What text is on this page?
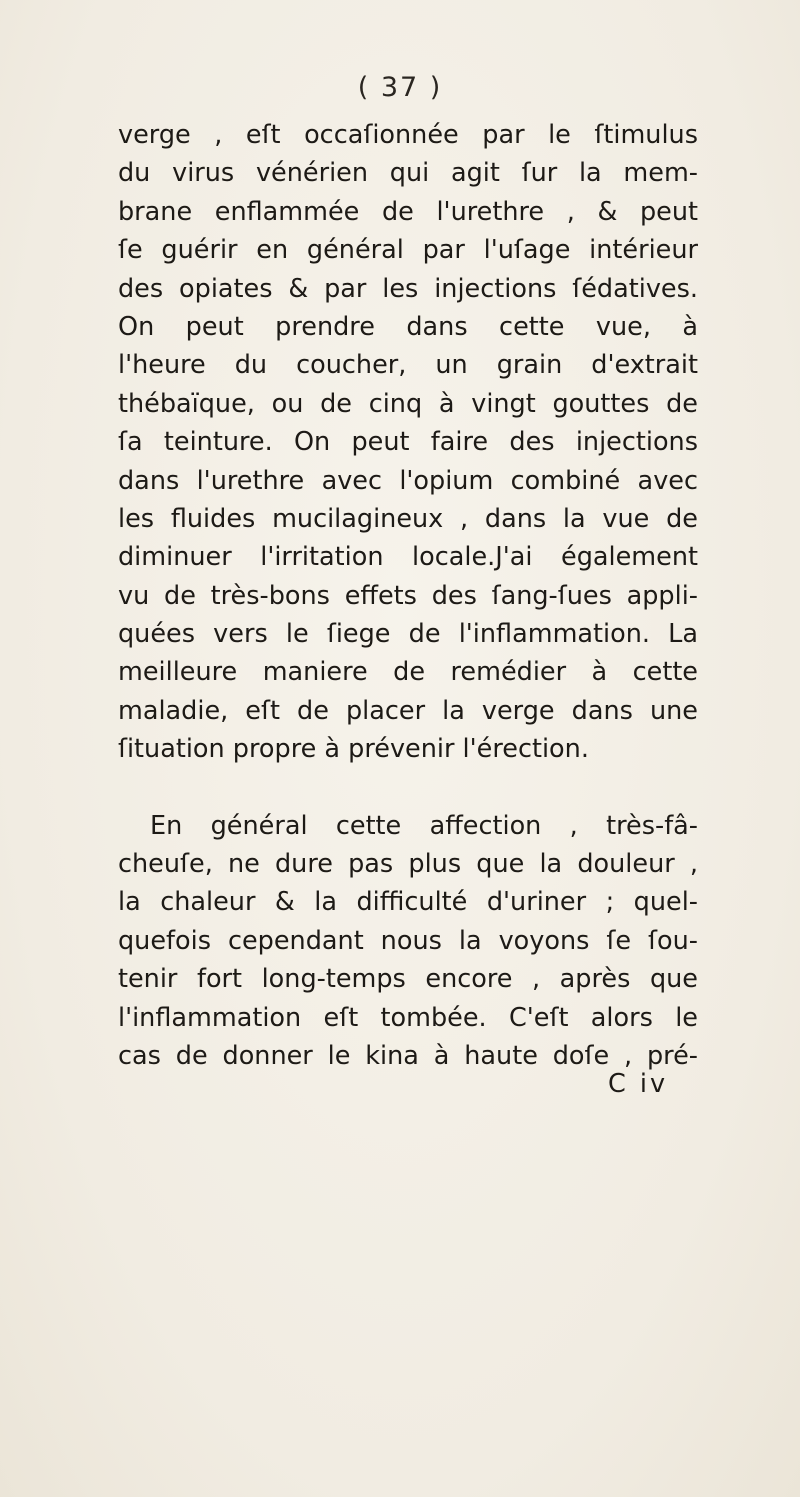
( 37 )
verge , eſt occaſionnée par le ſtimulus
du virus vénérien qui agit ſur la mem-
brane enflammée de l'urethre , & peut
ſe guérir en général par l'uſage intérieur
des opiates & par les injections ſédatives.
On peut prendre dans cette vue, à
l'heure du coucher, un grain d'extrait
thébaïque, ou de cinq à vingt gouttes de
ſa teinture. On peut faire des injections
dans l'urethre avec l'opium combiné avec
les fluides mucilagineux , dans la vue de
diminuer l'irritation locale.J'ai également
vu de très-bons effets des ſang-ſues appli-
quées vers le ſiege de l'inflammation. La
meilleure maniere de remédier à cette
maladie, eſt de placer la verge dans une
ſituation propre à prévenir l'érection.
En général cette affection , très-fâ-
cheuſe, ne dure pas plus que la douleur ,
la chaleur & la difficulté d'uriner ; quel-
quefois cependant nous la voyons ſe ſou-
tenir fort long-temps encore , après que
l'inflammation eſt tombée. C'eſt alors le
cas de donner le kina à haute doſe , pré-
C iv
